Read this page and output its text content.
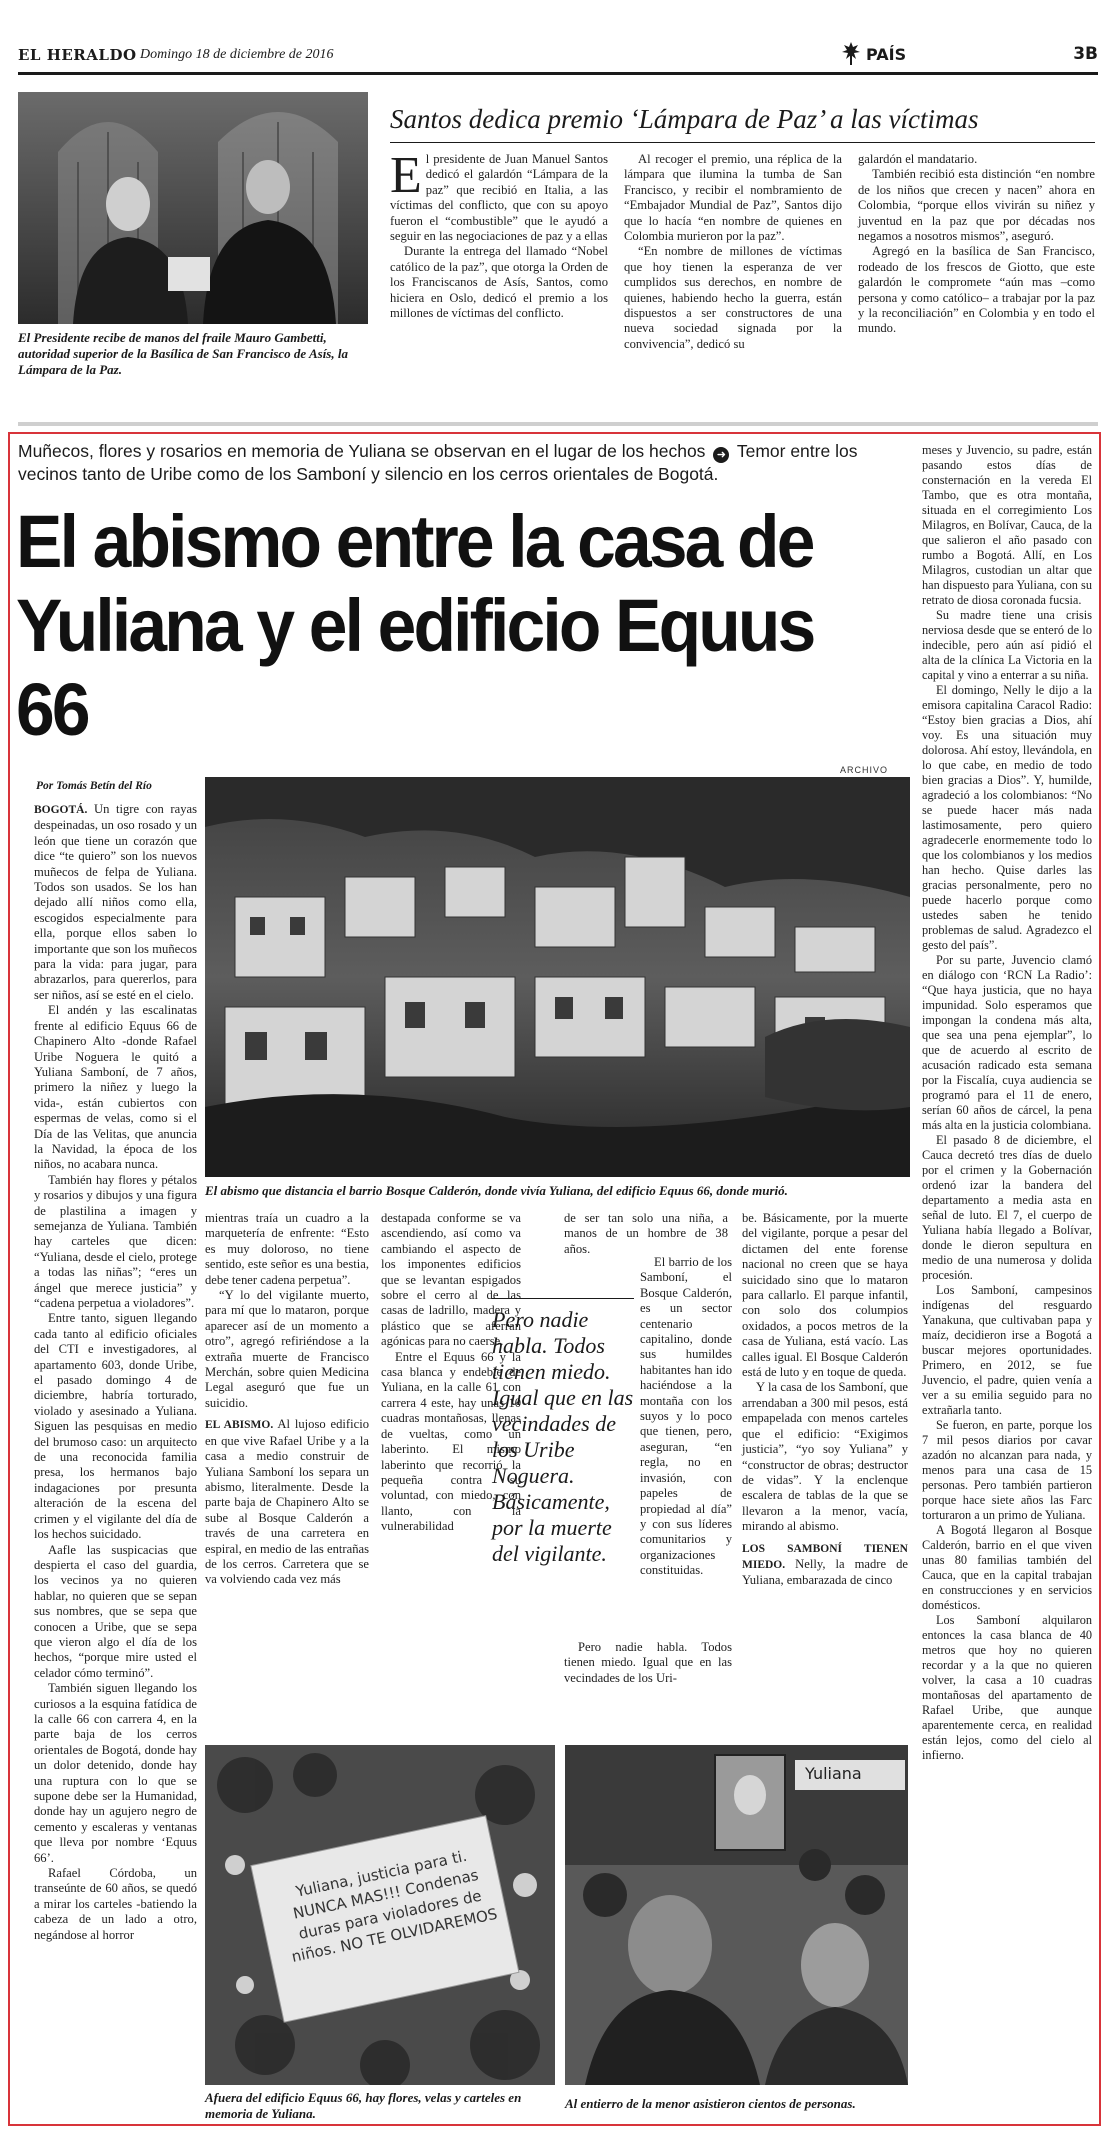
EL HERALDO Domingo 18 de diciembre de 2016	PAÍS	3B
El Presidente recibe de manos del fraile Mauro Gambetti, autoridad superior de la Basílica de San Francisco de Asís, la Lámpara de la Paz.
Santos dedica premio ‘Lámpara de Paz’ a las víctimas

El presidente de Juan Manuel Santos dedicó el galardón “Lámpara de la paz” que recibió en Italia, a las víctimas del conflicto, que con su apoyo fueron el “combustible” que le ayudó a seguir en las negociaciones de paz y a ellas

Durante la entrega del llamado “Nobel católico de la paz”, que otorga la Orden de los Franciscanos de Asís, Santos, como hiciera en Oslo, dedicó el premio a los millones de víctimas del conflicto.

Al recoger el premio, una réplica de la lámpara que ilumina la tumba de San Francisco, y recibir el nombramiento de “Embajador Mundial de Paz”, Santos dijo que lo hacía “en nombre de quienes en Colombia murieron por la paz”.

“En nombre de millones de víctimas que hoy tienen la esperanza de ver cumplidos sus derechos, en nombre de quienes, habiendo hecho la guerra, están dispuestos a ser constructores de una nueva sociedad signada por la convivencia”, dedicó su

galardón el mandatario.

También recibió esta distinción “en nombre de los niños que crecen y nacen” ahora en Colombia, “porque ellos vivirán su niñez y juventud en la paz que por décadas nos negamos a nosotros mismos”, aseguró.

Agregó en la basílica de San Francisco, rodeado de los frescos de Giotto, que este galardón le compromete “aún mas –como persona y como católico– a trabajar por la paz y la reconciliación” en Colombia y en todo el mundo.

Muñecos, flores y rosarios en memoria de Yuliana se observan en el lugar de los hechos ➜ Temor entre los vecinos tanto de Uribe como de los Samboní y silencio en los cerros orientales de Bogotá.
El abismo entre la casa de
Yuliana y el edificio Equus 66
Por Tomás Betín del Río
ARCHIVO
El abismo que distancia el barrio Bosque Calderón, donde vivía Yuliana, del edificio Equus 66, donde murió.

BOGOTÁ. Un tigre con rayas despeinadas, un oso rosado y un león que tiene un corazón que dice “te quiero” son los nuevos muñecos de felpa de Yuliana. Todos son usados. Se los han dejado allí niños como ella, escogidos especialmente para ella, porque ellos saben lo importante que son los muñecos para la vida: para jugar, para abrazarlos, para quererlos, para ser niños, así se esté en el cielo.

El andén y las escalinatas frente al edificio Equus 66 de Chapinero Alto -donde Rafael Uribe Noguera le quitó a Yuliana Samboní, de 7 años, primero la niñez y luego la vida-, están cubiertos con espermas de velas, como si el Día de las Velitas, que anuncia la Navidad, la época de los niños, no acabara nunca.

También hay flores y pétalos y rosarios y dibujos y una figura de plastilina a imagen y semejanza de Yuliana. También hay carteles que dicen: “Yuliana, desde el cielo, protege a todas las niñas”; “eres un ángel que merece justicia” y “cadena perpetua a violadores”.

Entre tanto, siguen llegando cada tanto al edificio oficiales del CTI e investigadores, al apartamento 603, donde Uribe, el pasado domingo 4 de diciembre, habría torturado, violado y asesinado a Yuliana. Siguen las pesquisas en medio del brumoso caso: un arquitecto de una reconocida familia presa, los hermanos bajo indagaciones por presunta alteración de la escena del crimen y el vigilante del día de los hechos suicidado.

Aafle las suspicacias que despierta el caso del guardia, los vecinos ya no quieren hablar, no quieren que se sepan sus nombres, que se sepa que conocen a Uribe, que se sepa que vieron algo el día de los hechos, “porque mire usted el celador cómo terminó”.

También siguen llegando los curiosos a la esquina fatídica de la calle 66 con carrera 4, en la parte baja de los cerros orientales de Bogotá, donde hay un dolor detenido, donde hay una ruptura con lo que se supone debe ser la Humanidad, donde hay un agujero negro de cemento y escaleras y ventanas que lleva por nombre ‘Equus 66’.

Rafael Córdoba, un transeúnte de 60 años, se quedó a mirar los carteles -batiendo la cabeza de un lado a otro, negándose al horror

mientras traía un cuadro a la marquetería de enfrente: “Esto es muy doloroso, no tiene sentido, este señor es una bestia, debe tener cadena perpetua”.

“Y lo del vigilante muerto, para mí que lo mataron, porque aparecer así de un momento a otro”, agregó refiriéndose a la extraña muerte de Francisco Merchán, sobre quien Medicina Legal aseguró que fue un suicidio.

EL ABISMO. Al lujoso edificio en que vive Rafael Uribe y a la casa a medio construir de Yuliana Samboní los separa un abismo, literalmente. Desde la parte baja de Chapinero Alto se sube al Bosque Calderón a través de una carretera en espiral, en medio de las entrañas de los cerros. Carretera que se va volviendo cada vez más

destapada conforme se va ascendiendo, así como va cambiando el aspecto de los imponentes edificios que se levantan espigados sobre el cerro al de las casas de ladrillo, madera y plástico que se aferran agónicas para no caerse.

Entre el Equus 66 y la casa blanca y endeble de Yuliana, en la calle 61 con carrera 4 este, hay unas 10 cuadras montañosas, llenas de vueltas, como un laberinto. El mismo laberinto que recorrió la pequeña contra su voluntad, con miedo, con llanto, con la vulnerabilidad

Pero nadie habla. Todos tienen miedo. Igual que en las vecindades de los Uribe Noguera. Básicamente, por la muerte del vigilante.

de ser tan solo una niña, a manos de un hombre de 38 años.

El barrio de los Samboní, el Bosque Calderón, es un sector centenario capitalino, donde sus humildes habitantes han ido haciéndose a la montaña con los suyos y lo poco que tienen, pero, aseguran, “en regla, no en invasión, con papeles de propiedad al día” y con sus líderes comunitarios y organizaciones constituidas.

Pero nadie habla. Todos tienen miedo. Igual que en las vecindades de los Uri-

be. Básicamente, por la muerte del vigilante, porque a pesar del dictamen del ente forense nacional no creen que se haya suicidado sino que lo mataron para callarlo. El parque infantil, con solo dos columpios oxidados, a pocos metros de la casa de Yuliana, está vacío. Las calles igual. El Bosque Calderón está de luto y en toque de queda.

Y la casa de los Samboní, que arrendaban a 300 mil pesos, está empapelada con menos carteles que el edificio: “Exigimos justicia”, “yo soy Yuliana” y “constructor de obras; destructor de vidas”. Y la enclenque escalera de tablas de la que se llevaron a la menor, vacía, mirando al abismo.

LOS SAMBONÍ TIENEN MIEDO. Nelly, la madre de Yuliana, embarazada de cinco

meses y Juvencio, su padre, están pasando estos días de consternación en la vereda El Tambo, que es otra montaña, situada en el corregimiento Los Milagros, en Bolívar, Cauca, de la que salieron el año pasado con rumbo a Bogotá. Allí, en Los Milagros, custodian un altar que han dispuesto para Yuliana, con su retrato de diosa coronada fucsia.

Su madre tiene una crisis nerviosa desde que se enteró de lo indecible, pero aún así pidió el alta de la clínica La Victoria en la capital y vino a enterrar a su niña.

El domingo, Nelly le dijo a la emisora capitalina Caracol Radio: “Estoy bien gracias a Dios, ahí voy. Es una situación muy dolorosa. Ahí estoy, llevándola, en lo que cabe, en medio de todo bien gracias a Dios”. Y, humilde, agradeció a los colombianos: “No se puede hacer más nada lastimosamente, pero quiero agradecerle enormemente todo lo que los colombianos y los medios han hecho. Quise darles las gracias personalmente, pero no puede hacerlo porque como ustedes saben he tenido problemas de salud. Agradezco el gesto del país”.

Por su parte, Juvencio clamó en diálogo con ‘RCN La Radio’: “Que haya justicia, que no haya impunidad. Solo esperamos que impongan la condena más alta, que sea una pena ejemplar”, lo que de acuerdo al escrito de acusación radicado esta semana por la Fiscalía, cuya audiencia se programó para el 11 de enero, serían 60 años de cárcel, la pena más alta en la justicia colombiana.

El pasado 8 de diciembre, el Cauca decretó tres días de duelo por el crimen y la Gobernación ordenó izar la bandera del departamento a media asta en señal de luto. El 7, el cuerpo de Yuliana había llegado a Bolívar, donde le dieron sepultura en medio de una numerosa y dolida procesión.

Los Samboní, campesinos indígenas del resguardo Yanakuna, que cultivaban papa y maíz, decidieron irse a Bogotá a buscar mejores oportunidades. Primero, en 2012, se fue Juvencio, el padre, quien venía a ver a su emilia seguido para no extrañarla tanto.

Se fueron, en parte, porque los 7 mil pesos diarios por cavar azadón no alcanzan para nada, y menos para una casa de 15 personas. Pero también partieron porque hace siete años las Farc torturaron a un primo de Yuliana.

A Bogotá llegaron al Bosque Calderón, barrio en el que viven unas 80 familias también del Cauca, que en la capital trabajan en construcciones y en servicios domésticos.

Los Samboní alquilaron entonces la casa blanca de 40 metros que hoy no quieren recordar y a la que no quieren volver, la casa a 10 cuadras montañosas del apartamento de Rafael Uribe, que aunque aparentemente cerca, en realidad están lejos, como del cielo al infierno.

Yuliana, justicia para ti. NUNCA MAS!!! Condenas duras para violadores de niños. NO TE OLVIDAREMOS
Afuera del edificio Equus 66, hay flores, velas y carteles en memoria de Yuliana.
Yuliana
Al entierro de la menor asistieron cientos de personas.
